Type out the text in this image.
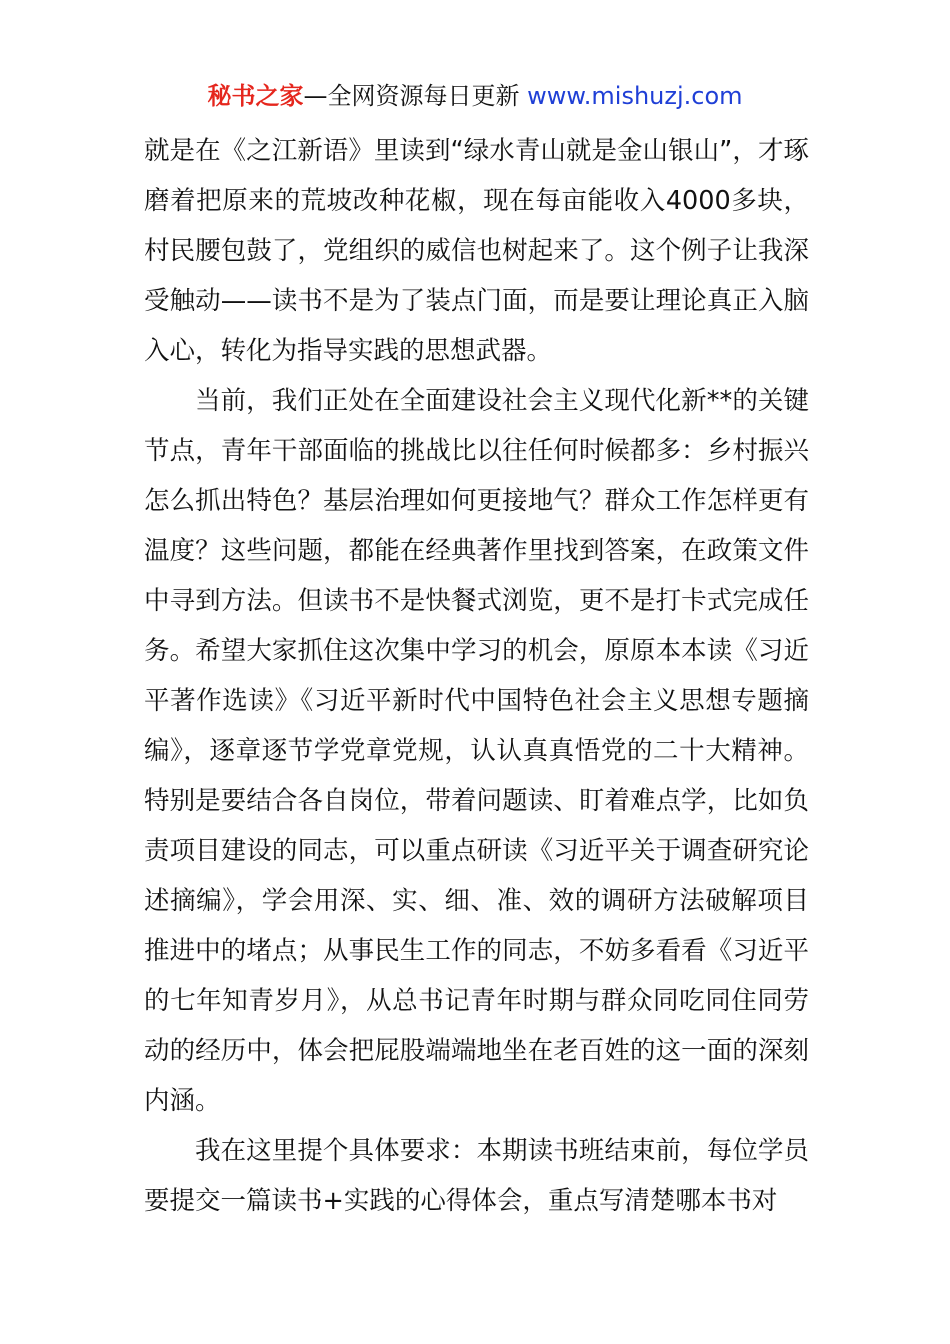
秘书之家—全网资源每日更新 www.mishuzj.com

就是在《之江新语》里读到“绿水青山就是金山银山”，才琢磨着把原来的荒坡改种花椒，现在每亩能收入4000多块，村民腰包鼓了，党组织的威信也树起来了。这个例子让我深受触动——读书不是为了装点门面，而是要让理论真正入脑入心，转化为指导实践的思想武器。

当前，我们正处在全面建设社会主义现代化新**的关键节点，青年干部面临的挑战比以往任何时候都多：乡村振兴怎么抓出特色？基层治理如何更接地气？群众工作怎样更有温度？这些问题，都能在经典著作里找到答案，在政策文件中寻到方法。但读书不是快餐式浏览，更不是打卡式完成任务。希望大家抓住这次集中学习的机会，原原本本读《习近平著作选读》《习近平新时代中国特色社会主义思想专题摘编》，逐章逐节学党章党规，认认真真悟党的二十大精神。特别是要结合各自岗位，带着问题读、盯着难点学，比如负责项目建设的同志，可以重点研读《习近平关于调查研究论述摘编》，学会用深、实、细、准、效的调研方法破解项目推进中的堵点；从事民生工作的同志，不妨多看看《习近平的七年知青岁月》，从总书记青年时期与群众同吃同住同劳动的经历中，体会把屁股端端地坐在老百姓的这一面的深刻内涵。

我在这里提个具体要求：本期读书班结束前，每位学员要提交一篇读书+实践的心得体会，重点写清楚哪本书对
